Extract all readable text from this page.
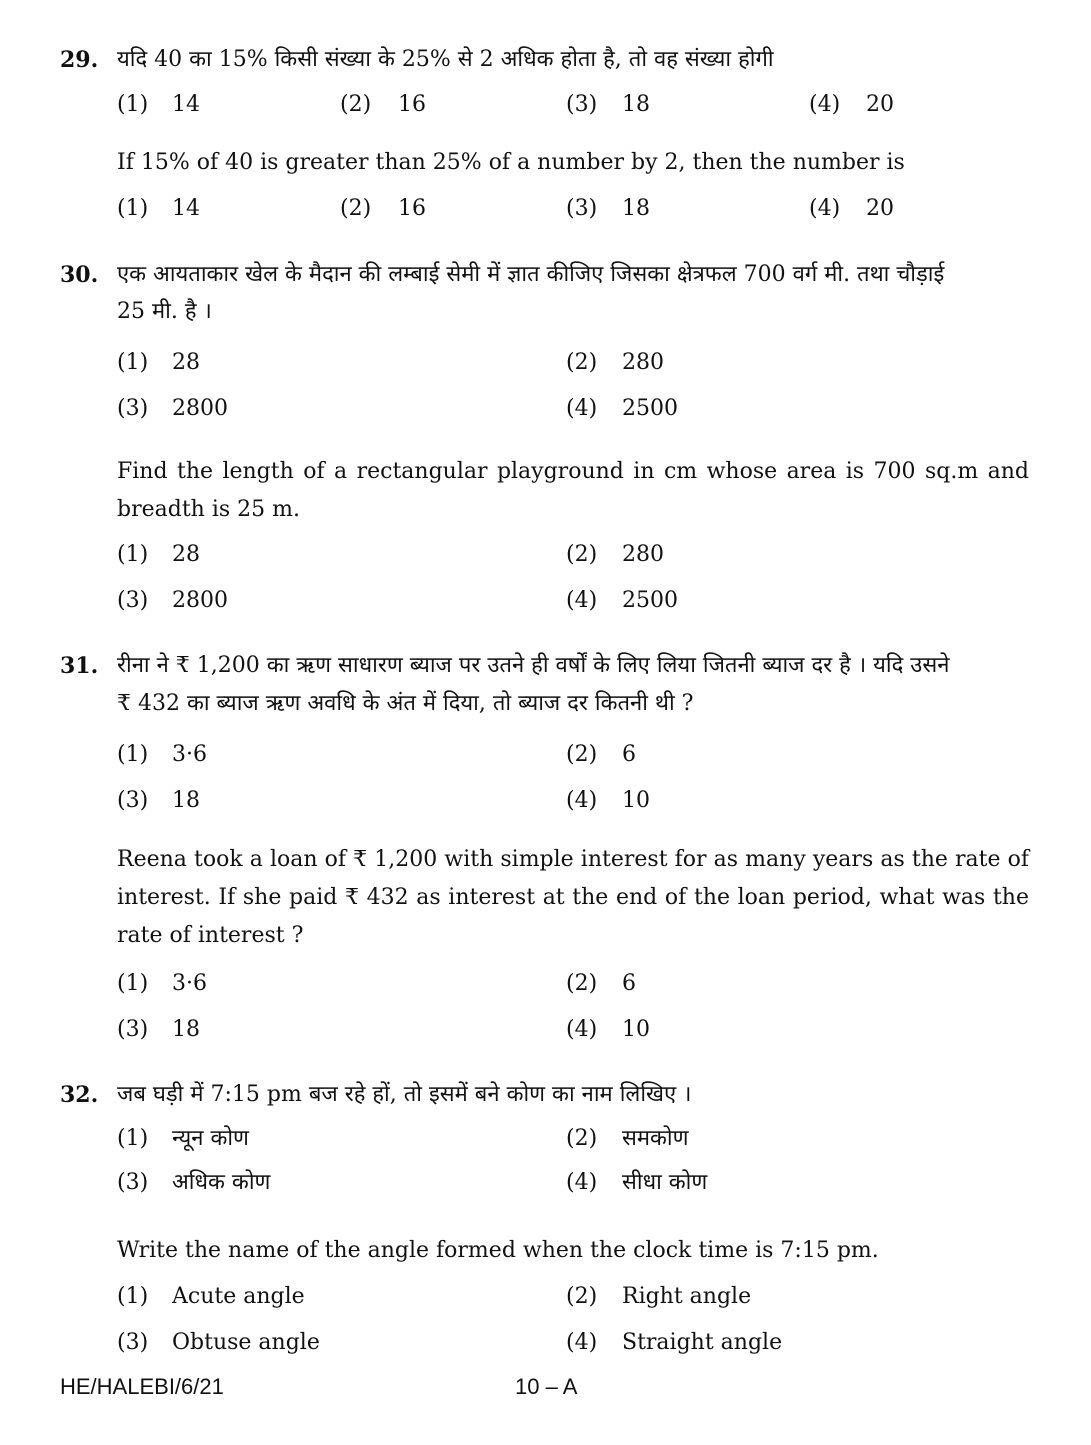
29. यदि 40 का 15% किसी संख्या के 25% से 2 अधिक होता है, तो वह संख्या होगी
(1) 14	(2) 16	(3) 18	(4) 20
If 15% of 40 is greater than 25% of a number by 2, then the number is
(1) 14	(2) 16	(3) 18	(4) 20
30. एक आयताकार खेल के मैदान की लम्बाई सेमी में ज्ञात कीजिए जिसका क्षेत्रफल 700 वर्ग मी. तथा चौड़ाई
25 मी. है ।
(1) 28	(2) 280
(3) 2800	(4) 2500
Find the length of a rectangular playground in cm whose area is 700 sq.m and breadth is 25 m.
(1) 28	(2) 280
(3) 2800	(4) 2500
31. रीना ने ₹ 1,200 का ऋण साधारण ब्याज पर उतने ही वर्षों के लिए लिया जितनी ब्याज दर है । यदि उसने
₹ 432 का ब्याज ऋण अवधि के अंत में दिया, तो ब्याज दर कितनी थी ?
(1) 3·6	(2) 6
(3) 18	(4) 10
Reena took a loan of ₹ 1,200 with simple interest for as many years as the rate of interest. If she paid ₹ 432 as interest at the end of the loan period, what was the rate of interest ?
(1) 3·6	(2) 6
(3) 18	(4) 10
32. जब घड़ी में 7:15 pm बज रहे हों, तो इसमें बने कोण का नाम लिखिए ।
(1) न्यून कोण	(2) समकोण
(3) अधिक कोण	(4) सीधा कोण
Write the name of the angle formed when the clock time is 7:15 pm.
(1) Acute angle	(2) Right angle
(3) Obtuse angle	(4) Straight angle
HE/HALEBI/6/21	10 – A
